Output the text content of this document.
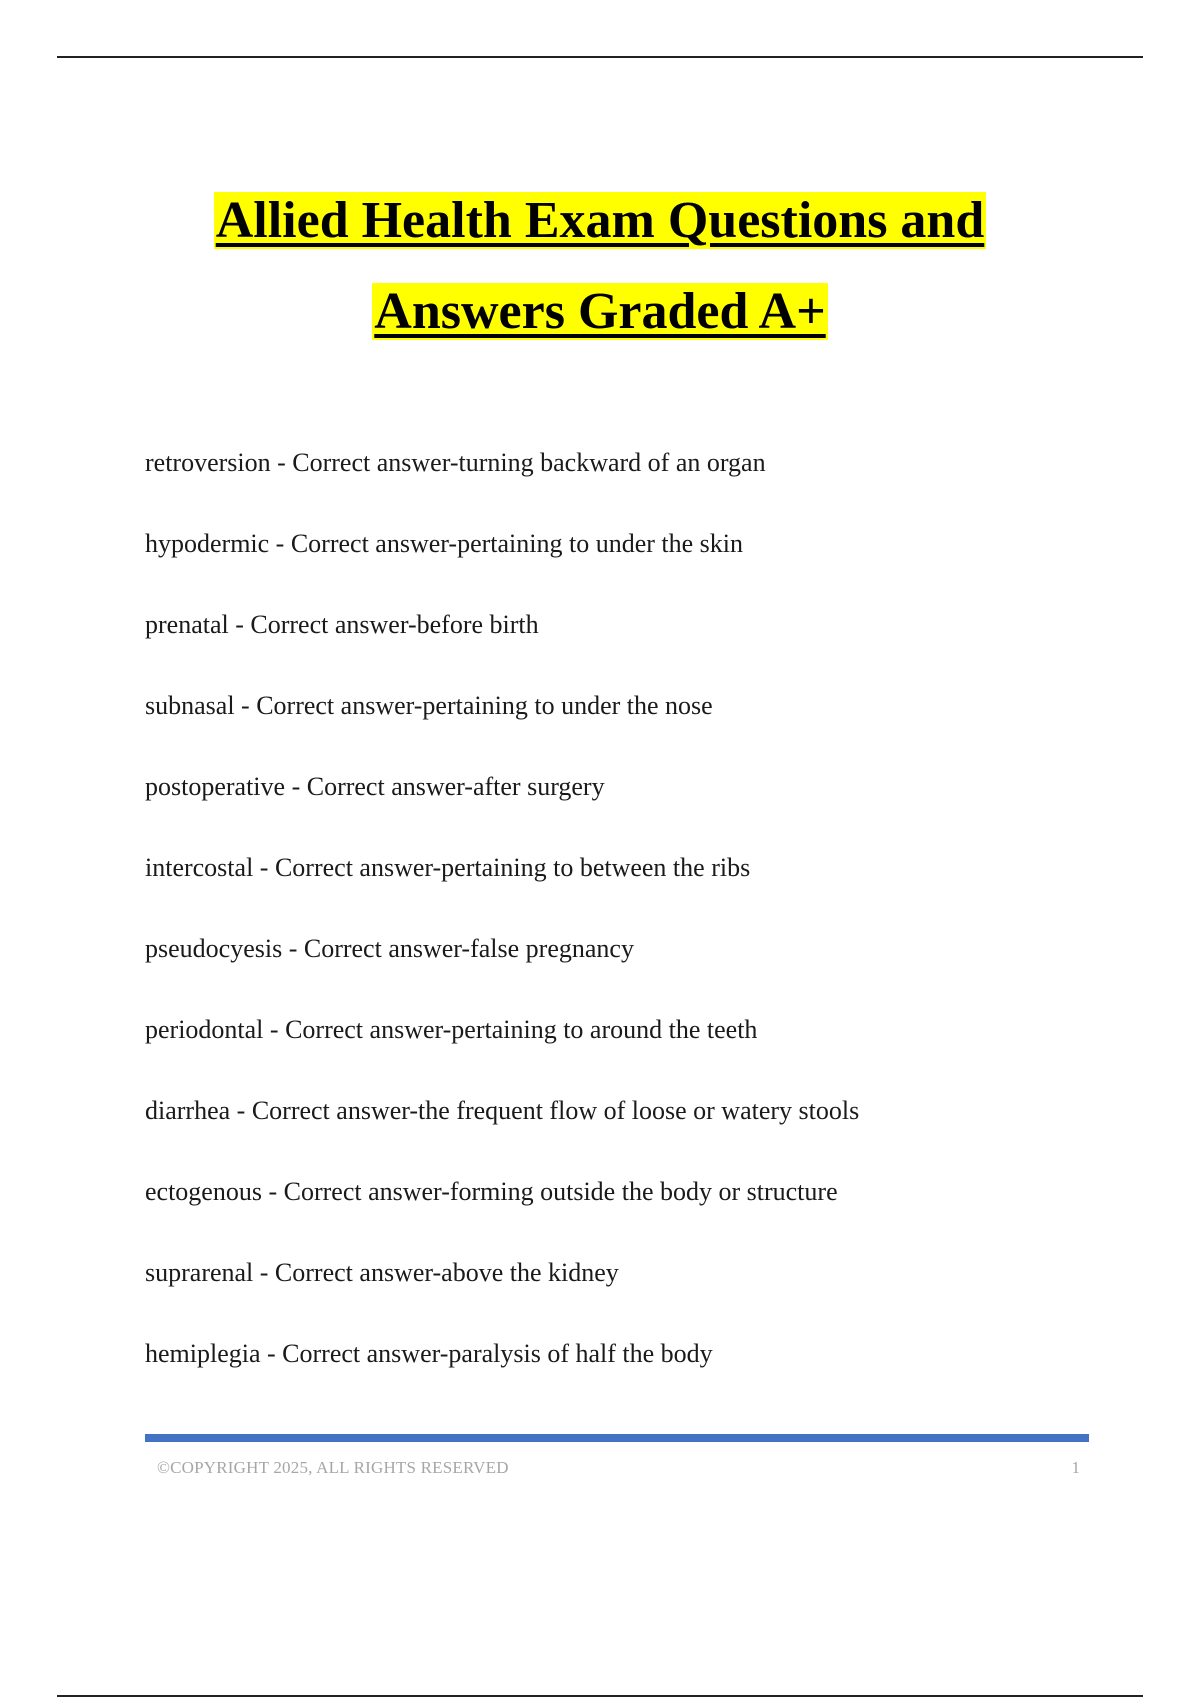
Allied Health Exam Questions and
Answers Graded A+
retroversion - Correct answer-turning backward of an organ
hypodermic - Correct answer-pertaining to under the skin
prenatal - Correct answer-before birth
subnasal - Correct answer-pertaining to under the nose
postoperative - Correct answer-after surgery
intercostal - Correct answer-pertaining to between the ribs
pseudocyesis - Correct answer-false pregnancy
periodontal - Correct answer-pertaining to around the teeth
diarrhea - Correct answer-the frequent flow of loose or watery stools
ectogenous - Correct answer-forming outside the body or structure
suprarenal - Correct answer-above the kidney
hemiplegia - Correct answer-paralysis of half the body
©COPYRIGHT 2025, ALL RIGHTS RESERVED	1
